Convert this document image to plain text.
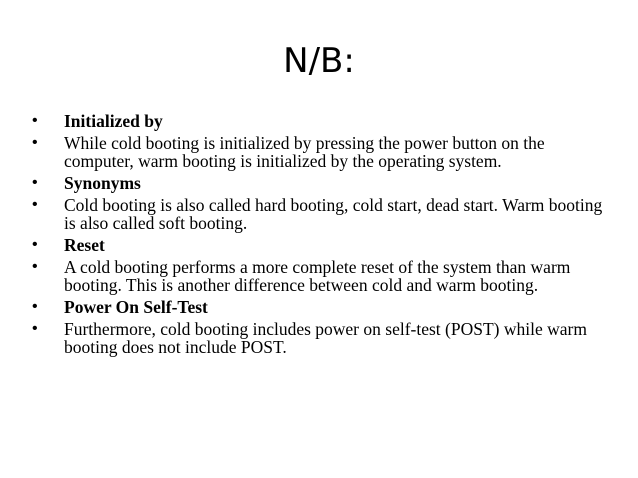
N/B:
•	Initialized by
•	While cold booting is initialized by pressing the power button on the computer, warm booting is initialized by the operating system.
•	Synonyms
•	Cold booting is also called hard booting, cold start, dead start. Warm booting is also called soft booting.
•	Reset
•	A cold booting performs a more complete reset of the system than warm booting. This is another difference between cold and warm booting.
•	Power On Self-Test
•	Furthermore, cold booting includes power on self-test (POST) while warm booting does not include POST.
